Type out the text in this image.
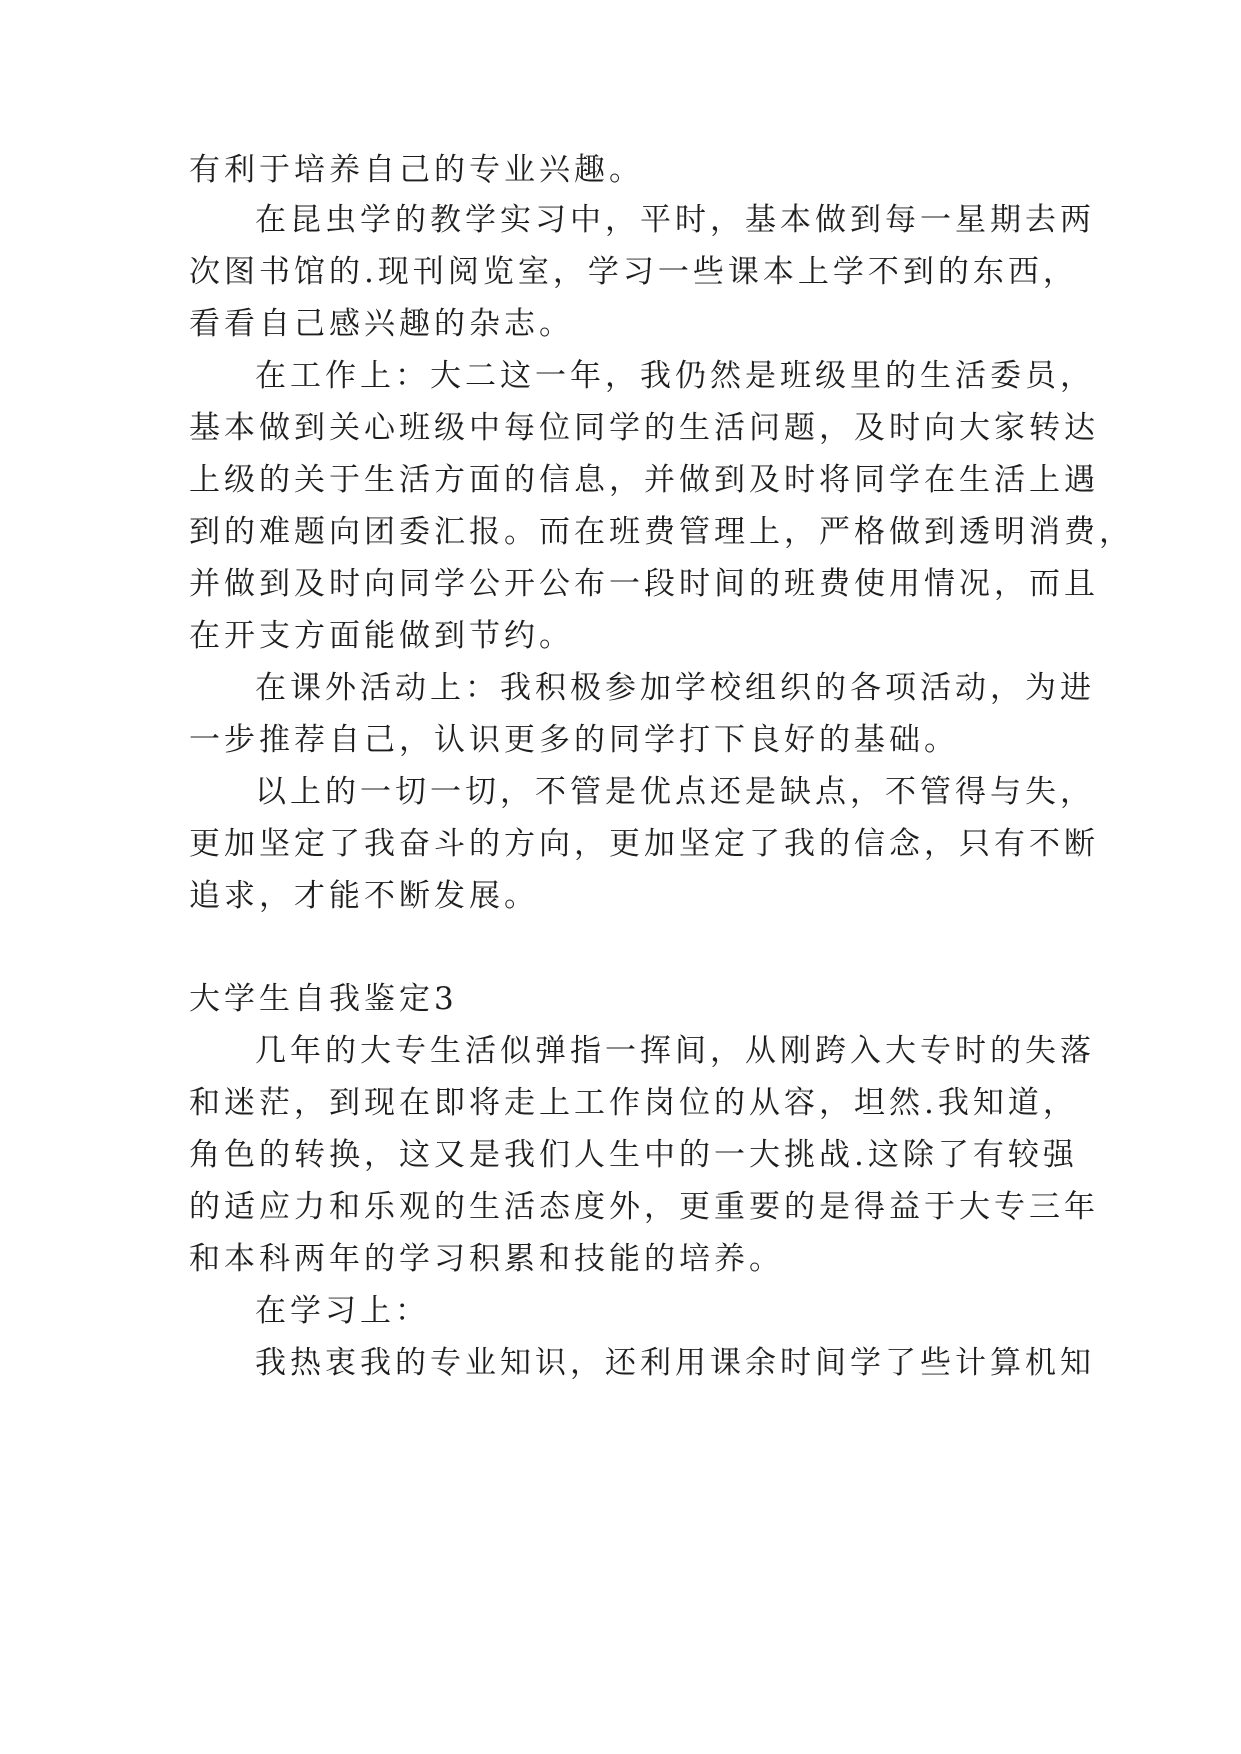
有利于培养自己的专业兴趣。
在昆虫学的教学实习中，平时，基本做到每一星期去两
次图书馆的.现刊阅览室，学习一些课本上学不到的东西，
看看自己感兴趣的杂志。
在工作上：大二这一年，我仍然是班级里的生活委员，
基本做到关心班级中每位同学的生活问题，及时向大家转达
上级的关于生活方面的信息，并做到及时将同学在生活上遇
到的难题向团委汇报。而在班费管理上，严格做到透明消费，
并做到及时向同学公开公布一段时间的班费使用情况，而且
在开支方面能做到节约。
在课外活动上：我积极参加学校组织的各项活动，为进
一步推荐自己，认识更多的同学打下良好的基础。
以上的一切一切，不管是优点还是缺点，不管得与失，
更加坚定了我奋斗的方向，更加坚定了我的信念，只有不断
追求，才能不断发展。
大学生自我鉴定3
几年的大专生活似弹指一挥间，从刚跨入大专时的失落
和迷茫，到现在即将走上工作岗位的从容，坦然.我知道，
角色的转换，这又是我们人生中的一大挑战.这除了有较强
的适应力和乐观的生活态度外，更重要的是得益于大专三年
和本科两年的学习积累和技能的培养。
在学习上：
我热衷我的专业知识，还利用课余时间学了些计算机知
